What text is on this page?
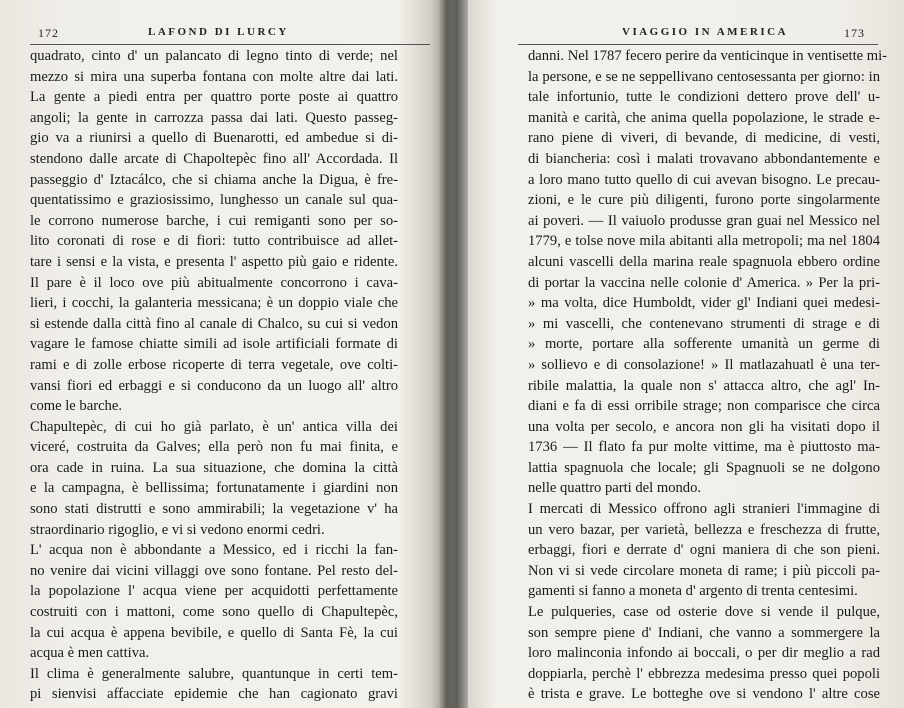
172	LAFOND DI LURCY
quadrato, cinto d' un palancato di legno tinto di verde; nel
mezzo si mira una superba fontana con molte altre dai lati.
La gente a piedi entra per quattro porte poste ai quattro
angoli; la gente in carrozza passa dai lati. Questo passeg-
gio va a riunirsi a quello di Buenarotti, ed ambedue si di-
stendono dalle arcate di Chapoltepèc fino all' Accordada. Il
passeggio d' Iztacálco, che si chiama anche la Digua, è fre-
quentatissimo e graziosissimo, lunghesso un canale sul qua-
le corrono numerose barche, i cui remiganti sono per so-
lito coronati di rose e di fiori: tutto contribuisce ad allet-
tare i sensi e la vista, e presenta l' aspetto più gaio e ridente.
Il pare è il loco ove più abitualmente concorrono i cava-
lieri, i cocchi, la galanteria messicana; è un doppio viale che
si estende dalla città fino al canale di Chalco, su cui si vedon
vagare le famose chiatte simili ad isole artificiali formate di
rami e di zolle erbose ricoperte di terra vegetale, ove colti-
vansi fiori ed erbaggi e si conducono da un luogo all' altro
come le barche.
Chapultepèc, di cui ho già parlato, è un' antica villa dei
viceré, costruita da Galves; ella però non fu mai finita, e
ora cade in ruina. La sua situazione, che domina la città
e la campagna, è bellissima; fortunatamente i giardini non
sono stati distrutti e sono ammirabili; la vegetazione v' ha
straordinario rigoglio, e vi si vedono enormi cedri.
L' acqua non è abbondante a Messico, ed i ricchi la fan-
no venire dai vicini villaggi ove sono fontane. Pel resto del-
la popolazione l' acqua viene per acquidotti perfettamente
costruiti con i mattoni, come sono quello di Chapultepèc,
la cui acqua è appena bevibile, e quello di Santa Fè, la cui
acqua è men cattiva.
Il clima è generalmente salubre, quantunque in certi tem-
pi sienvisi affacciate epidemie che han cagionato gravi
VIAGGIO IN AMERICA	173
danni. Nel 1787 fecero perire da venticinque in ventisette mi-
la persone, e se ne seppellivano centosessanta per giorno: in
tale infortunio, tutte le condizioni dettero prove dell' u-
manità e carità, che anima quella popolazione, le strade e-
rano piene di viveri, di bevande, di medicine, di vesti,
di biancheria: così i malati trovavano abbondantemente e
a loro mano tutto quello di cui avevan bisogno. Le precau-
zioni, e le cure più diligenti, furono porte singolarmente
ai poveri. — Il vaiuolo produsse gran guai nel Messico nel
1779, e tolse nove mila abitanti alla metropoli; ma nel 1804
alcuni vascelli della marina reale spagnuola ebbero ordine
di portar la vaccina nelle colonie d' America. » Per la pri-
» ma volta, dice Humboldt, vider gl' Indiani quei medesi-
» mi vascelli, che contenevano strumenti di strage e di
» morte, portare alla sofferente umanità un germe di
» sollievo e di consolazione! » Il matlazahuatl è una ter-
ribile malattia, la quale non s' attacca altro, che agl' In-
diani e fa di essi orribile strage; non comparisce che circa
una volta per secolo, e ancora non gli ha visitati dopo il
1736 — Il flato fa pur molte vittime, ma è piuttosto ma-
lattia spagnuola che locale; gli Spagnuoli se ne dolgono
nelle quattro parti del mondo.
I mercati di Messico offrono agli stranieri l'immagine di
un vero bazar, per varietà, bellezza e freschezza di frutte,
erbaggi, fiori e derrate d' ogni maniera di che son pieni.
Non vi si vede circolare moneta di rame; i più piccoli pa-
gamenti si fanno a moneta d' argento di trenta centesimi.
Le pulqueries, case od osterie dove si vende il pulque,
son sempre piene d' Indiani, che vanno a sommergere la
loro malinconia infondo ai boccali, o per dir meglio a rad
doppiarla, perchè l' ebbrezza medesima presso quei popoli
è trista e grave. Le botteghe ove si vendono l' altre cose
